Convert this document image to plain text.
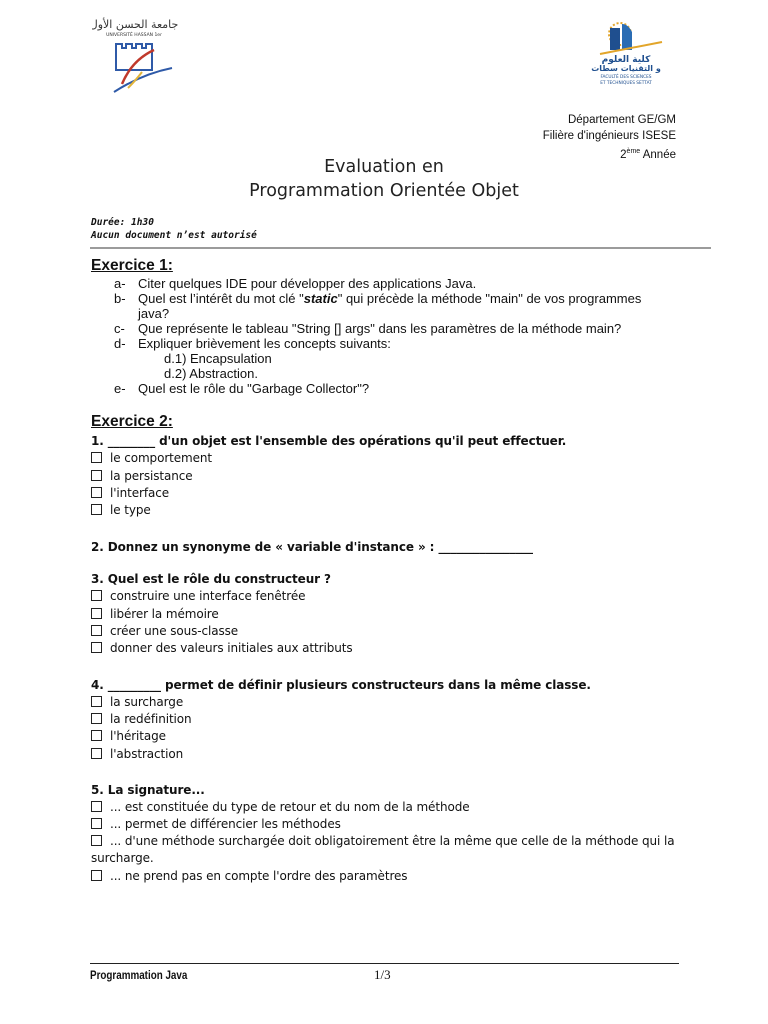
جامعة الحسن الأول
UNIVERSITÉ HASSAN 1er
كلية العلوم
و التقنيات سطات
FACULTÉ DES SCIENCES
ET TECHNIQUES SETTAT
Département GE/GM
Filière d'ingénieurs ISESE
2ème Année
Evaluation en
Programmation Orientée Objet
Durée: 1h30
Aucun document n’est autorisé
Exercice 1:
a- Citer quelques IDE pour développer des applications Java.
b- Quel est l’intérêt du mot clé "static" qui précède la méthode "main" de vos programmes
java?
c- Que représente le tableau "String [] args" dans les paramètres de la méthode main?
d- Expliquer brièvement les concepts suivants:
d.1) Encapsulation
d.2) Abstraction.
e- Quel est le rôle du "Garbage Collector"?
Exercice 2:
1. ________ d'un objet est l'ensemble des opérations qu'il peut effectuer.
le comportement
la persistance
l'interface
le type
2. Donnez un synonyme de « variable d'instance » : ________________
3. Quel est le rôle du constructeur ?
construire une interface fenêtrée
libérer la mémoire
créer une sous-classe
donner des valeurs initiales aux attributs
4. _________ permet de définir plusieurs constructeurs dans la même classe.
la surcharge
la redéfinition
l'héritage
l'abstraction
5. La signature...
... est constituée du type de retour et du nom de la méthode
... permet de différencier les méthodes
... d'une méthode surchargée doit obligatoirement être la même que celle de la méthode qui la
surcharge.
... ne prend pas en compte l'ordre des paramètres
Programmation Java	1/3
